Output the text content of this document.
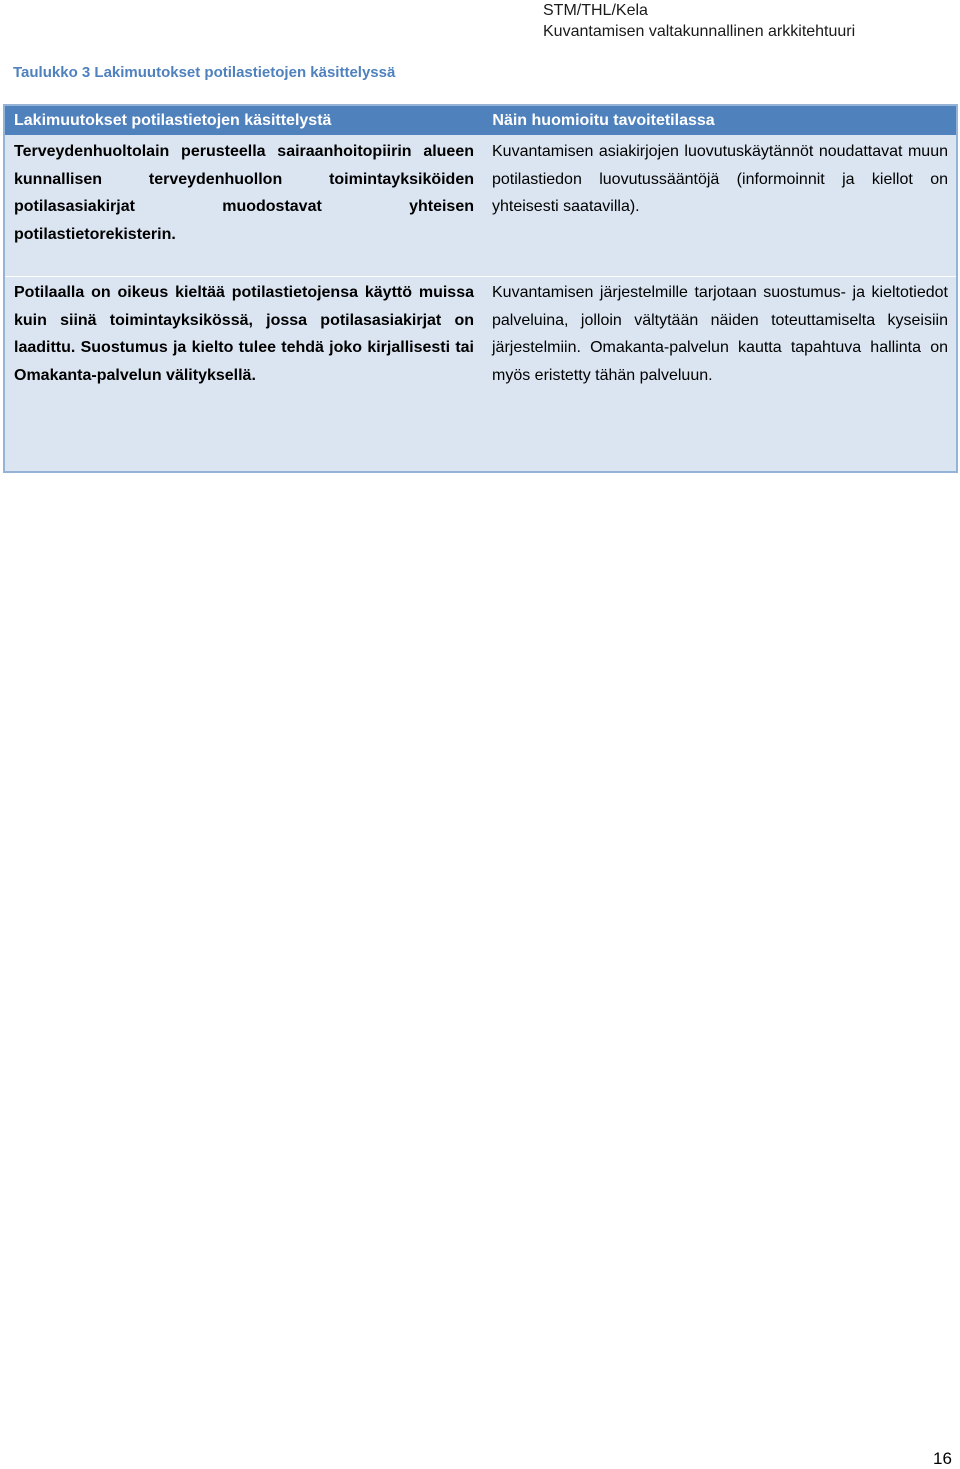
STM/THL/Kela
Kuvantamisen valtakunnallinen arkkitehtuuri
Taulukko 3 Lakimuutokset potilastietojen käsittelyssä
Lakimuutokset potilastietojen käsittelystä	Näin huomioitu tavoitetilassa
Terveydenhuoltolain perusteella sairaanhoitopiirin alueen kunnallisen terveydenhuollon toimintayksiköiden potilasasiakirjat muodostavat yhteisen potilastietorekisterin.
Kuvantamisen asiakirjojen luovutuskäytännöt noudattavat muun potilastiedon luovutussääntöjä (informoinnit ja kiellot on yhteisesti saatavilla).
Potilaalla on oikeus kieltää potilastietojensa käyttö muissa kuin siinä toimintayksikössä, jossa potilasasiakirjat on laadittu. Suostumus ja kielto tulee tehdä joko kirjallisesti tai Omakanta-palvelun välityksellä.
Kuvantamisen järjestelmille tarjotaan suostumus- ja kieltotiedot palveluina, jolloin vältytään näiden toteuttamiselta kyseisiin järjestelmiin. Omakanta-palvelun kautta tapahtuva hallinta on myös eristetty tähän palveluun.
16
